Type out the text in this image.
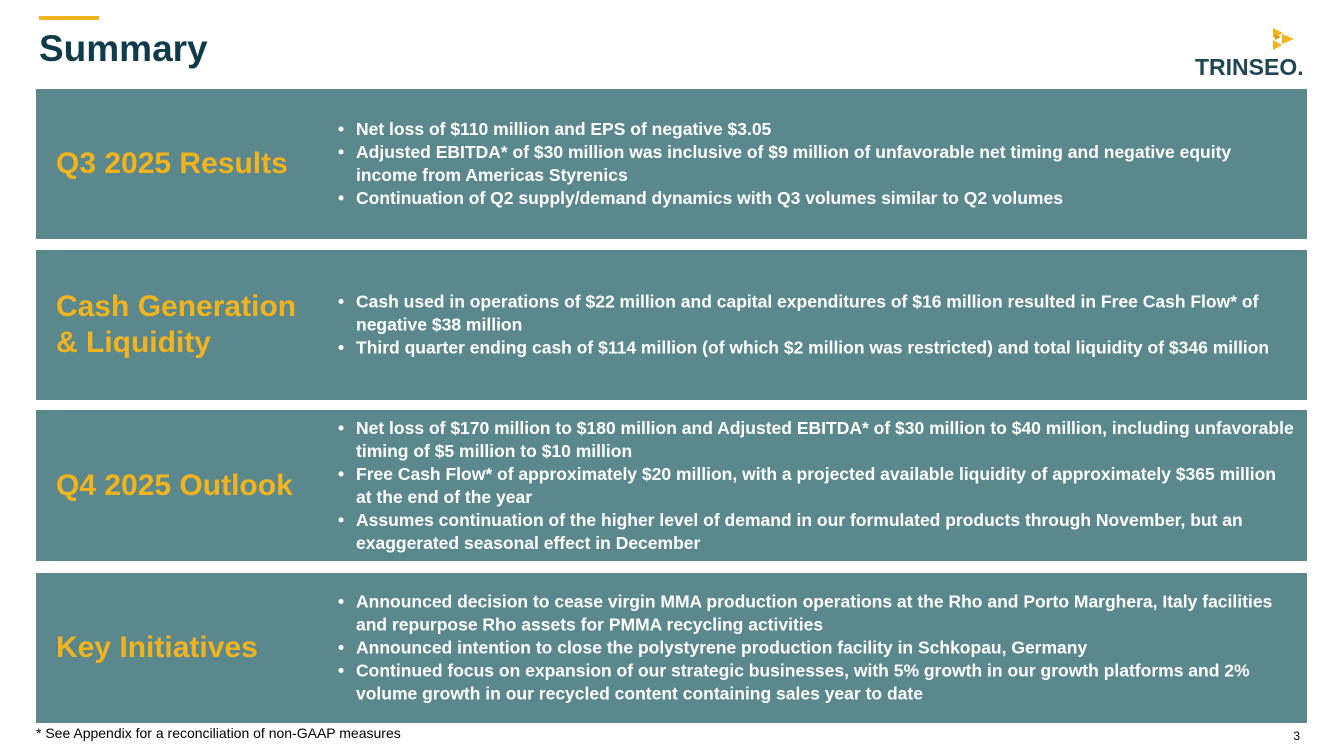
Summary	TRINSEO.
Q3 2025 Results
• Net loss of $110 million and EPS of negative $3.05
• Adjusted EBITDA* of $30 million was inclusive of $9 million of unfavorable net timing and negative equity income from Americas Styrenics
• Continuation of Q2 supply/demand dynamics with Q3 volumes similar to Q2 volumes
Cash Generation & Liquidity
• Cash used in operations of $22 million and capital expenditures of $16 million resulted in Free Cash Flow* of negative $38 million
• Third quarter ending cash of $114 million (of which $2 million was restricted) and total liquidity of $346 million
Q4 2025 Outlook
• Net loss of $170 million to $180 million and Adjusted EBITDA* of $30 million to $40 million, including unfavorable timing of $5 million to $10 million
• Free Cash Flow* of approximately $20 million, with a projected available liquidity of approximately $365 million at the end of the year
• Assumes continuation of the higher level of demand in our formulated products through November, but an exaggerated seasonal effect in December
Key Initiatives
• Announced decision to cease virgin MMA production operations at the Rho and Porto Marghera, Italy facilities and repurpose Rho assets for PMMA recycling activities
• Announced intention to close the polystyrene production facility in Schkopau, Germany
• Continued focus on expansion of our strategic businesses, with 5% growth in our growth platforms and 2% volume growth in our recycled content containing sales year to date
* See Appendix for a reconciliation of non-GAAP measures	3
